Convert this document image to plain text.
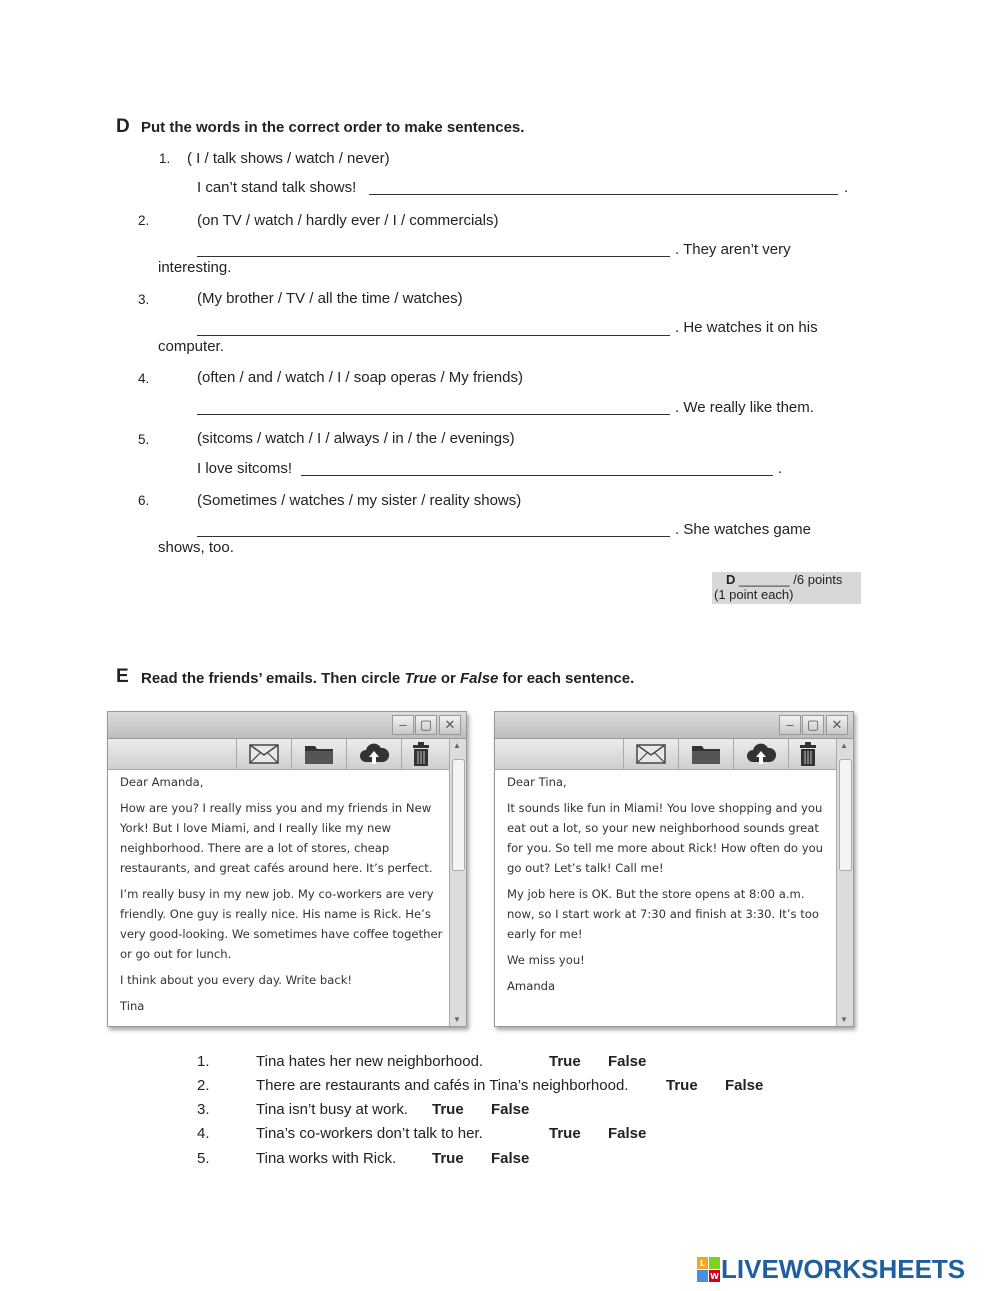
D Put the words in the correct order to make sentences.
1. ( I / talk shows / watch / never)
I can’t stand talk shows!	.
2.	(on TV / watch / hardly ever / I / commercials)
. They aren’t very
interesting.
3.	(My brother / TV / all the time / watches)
. He watches it on his
computer.
4.	(often / and / watch / I / soap operas / My friends)
. We really like them.
5.	(sitcoms / watch / I / always / in / the / evenings)
I love sitcoms!	.
6.	(Sometimes / watches / my sister / reality shows)
. She watches game
shows, too.
D _______ /6 points
(1 point each)
E Read the friends’ emails. Then circle True or False for each sentence.
–	▢ ✕
▲
▼

Dear Amanda,

How are you? I really miss you and my friends in New York! But I love Miami, and I really like my new neighborhood. There are a lot of stores, cheap restaurants, and great cafés around here. It’s perfect.

I’m really busy in my new job. My co-workers are very friendly. One guy is really nice. His name is Rick. He’s very good-looking. We sometimes have coffee together or go out for lunch.

I think about you every day. Write back!

Tina

–	▢ ✕
▲
▼

Dear Tina,

It sounds like fun in Miami! You love shopping and you eat out a lot, so your new neighborhood sounds great for you. So tell me more about Rick! How often do you go out? Let’s talk! Call me!

My job here is OK. But the store opens at 8:00 a.m. now, so I start work at 7:30 and finish at 3:30. It’s too early for me!

We miss you!

Amanda

1.	Tina hates her new neighborhood.	True False
2.	There are restaurants and cafés in Tina’s neighborhood.	True False
3.	Tina isn’t busy at work. True False
4.	Tina’s co-workers don’t talk to her.	True False
5.	Tina works with Rick. True False
L
W LIVEWORKSHEETS
